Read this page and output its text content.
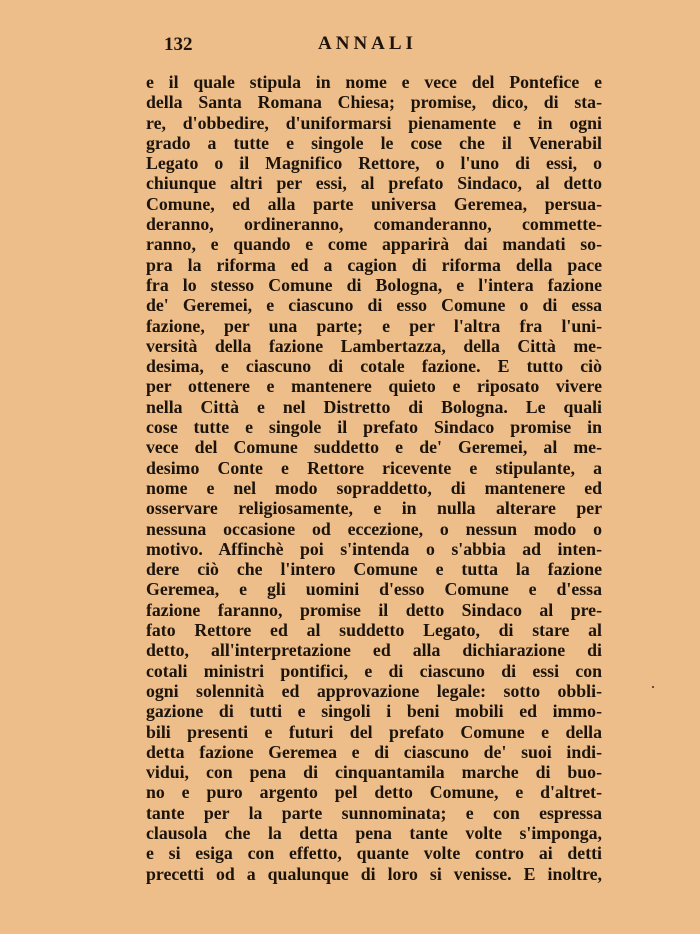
132	ANNALI
e il quale stipula in nome e vece del Pontefice e
della Santa Romana Chiesa; promise, dico, di sta-
re, d'obbedire, d'uniformarsi pienamente e in ogni
grado a tutte e singole le cose che il Venerabil
Legato o il Magnifico Rettore, o l'uno di essi, o
chiunque altri per essi, al prefato Sindaco, al detto
Comune, ed alla parte universa Geremea, persua-
deranno, ordineranno, comanderanno, commette-
ranno, e quando e come apparirà dai mandati so-
pra la riforma ed a cagion di riforma della pace
fra lo stesso Comune di Bologna, e l'intera fazione
de' Geremei, e ciascuno di esso Comune o di essa
fazione, per una parte; e per l'altra fra l'uni-
versità della fazione Lambertazza, della Città me-
desima, e ciascuno di cotale fazione. E tutto ciò
per ottenere e mantenere quieto e riposato vivere
nella Città e nel Distretto di Bologna. Le quali
cose tutte e singole il prefato Sindaco promise in
vece del Comune suddetto e de' Geremei, al me-
desimo Conte e Rettore ricevente e stipulante, a
nome e nel modo sopraddetto, di mantenere ed
osservare religiosamente, e in nulla alterare per
nessuna occasione od eccezione, o nessun modo o
motivo. Affinchè poi s'intenda o s'abbia ad inten-
dere ciò che l'intero Comune e tutta la fazione
Geremea, e gli uomini d'esso Comune e d'essa
fazione faranno, promise il detto Sindaco al pre-
fato Rettore ed al suddetto Legato, di stare al
detto, all'interpretazione ed alla dichiarazione di
cotali ministri pontifici, e di ciascuno di essi con
ogni solennità ed approvazione legale: sotto obbli-
gazione di tutti e singoli i beni mobili ed immo-
bili presenti e futuri del prefato Comune e della
detta fazione Geremea e di ciascuno de' suoi indi-
vidui, con pena di cinquantamila marche di buo-
no e puro argento pel detto Comune, e d'altret-
tante per la parte sunnominata; e con espressa
clausola che la detta pena tante volte s'imponga,
e si esiga con effetto, quante volte contro ai detti
precetti od a qualunque di loro si venisse. E inoltre,
